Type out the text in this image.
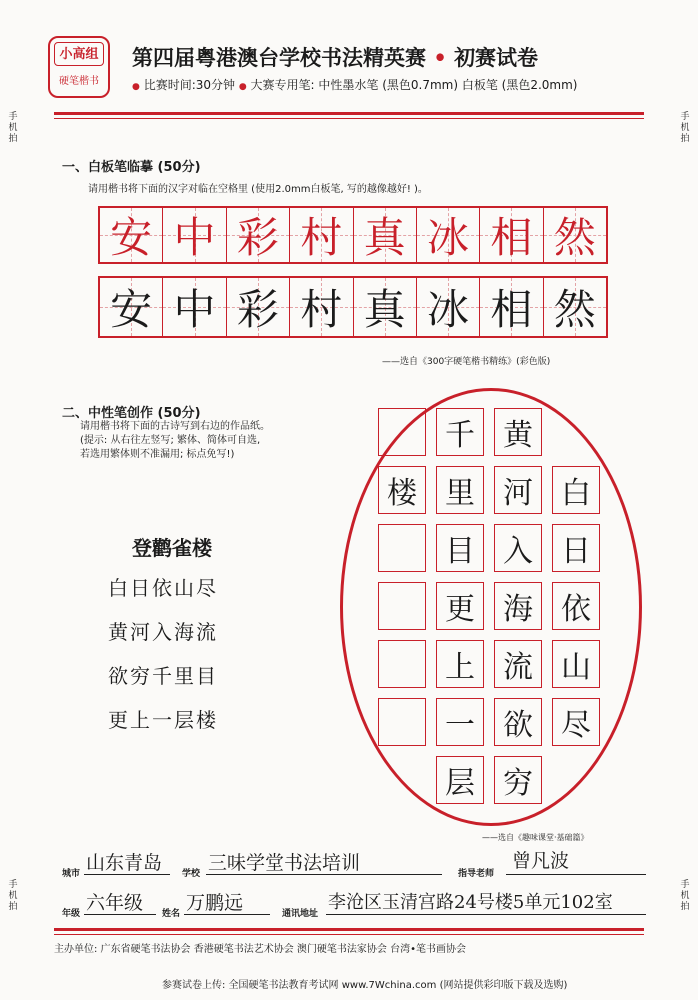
小高组
硬笔楷书
第四届粤港澳台学校书法精英赛 • 初赛试卷
● 比赛时间:30分钟 ● 大赛专用笔: 中性墨水笔 (黑色0.7mm) 白板笔 (黑色2.0mm)
手机拍
手机拍
手机拍
手机拍
一、白板笔临摹 (50分)
请用楷书将下面的汉字对临在空格里 (使用2.0mm白板笔, 写的越像越好! )。
安 中 彩 村 真 冰 相 然
安 中 彩 村 真 冰 相 然
——选自《300字硬笔楷书精练》(彩色版)
二、中性笔创作 (50分)
请用楷书将下面的古诗写到右边的作品纸。
(提示: 从右往左竖写; 繁体、简体可自选,
若选用繁体则不准漏用; 标点免写!)
登鹳雀楼
白日依山尽
黄河入海流
欲穷千里目
更上一层楼
白
日
依
山
尽
黄
河
入
海
流
欲
穷
千
里
目
更
上
一
层
楼
——选自《趣味课堂·基础篇》
城市 山东青岛 学校 三味学堂书法培训	指导老师
曾凡波
年级 六年级 姓名 万鹏远	通讯地址
李沧区玉清宫路24号楼5单元102室
主办单位: 广东省硬笔书法协会 香港硬笔书法艺术协会 澳门硬笔书法家协会 台湾•笔书画协会
参赛试卷上传: 全国硬笔书法教育考试网 www.7Wchina.com (网站提供彩印版下载及选购)
